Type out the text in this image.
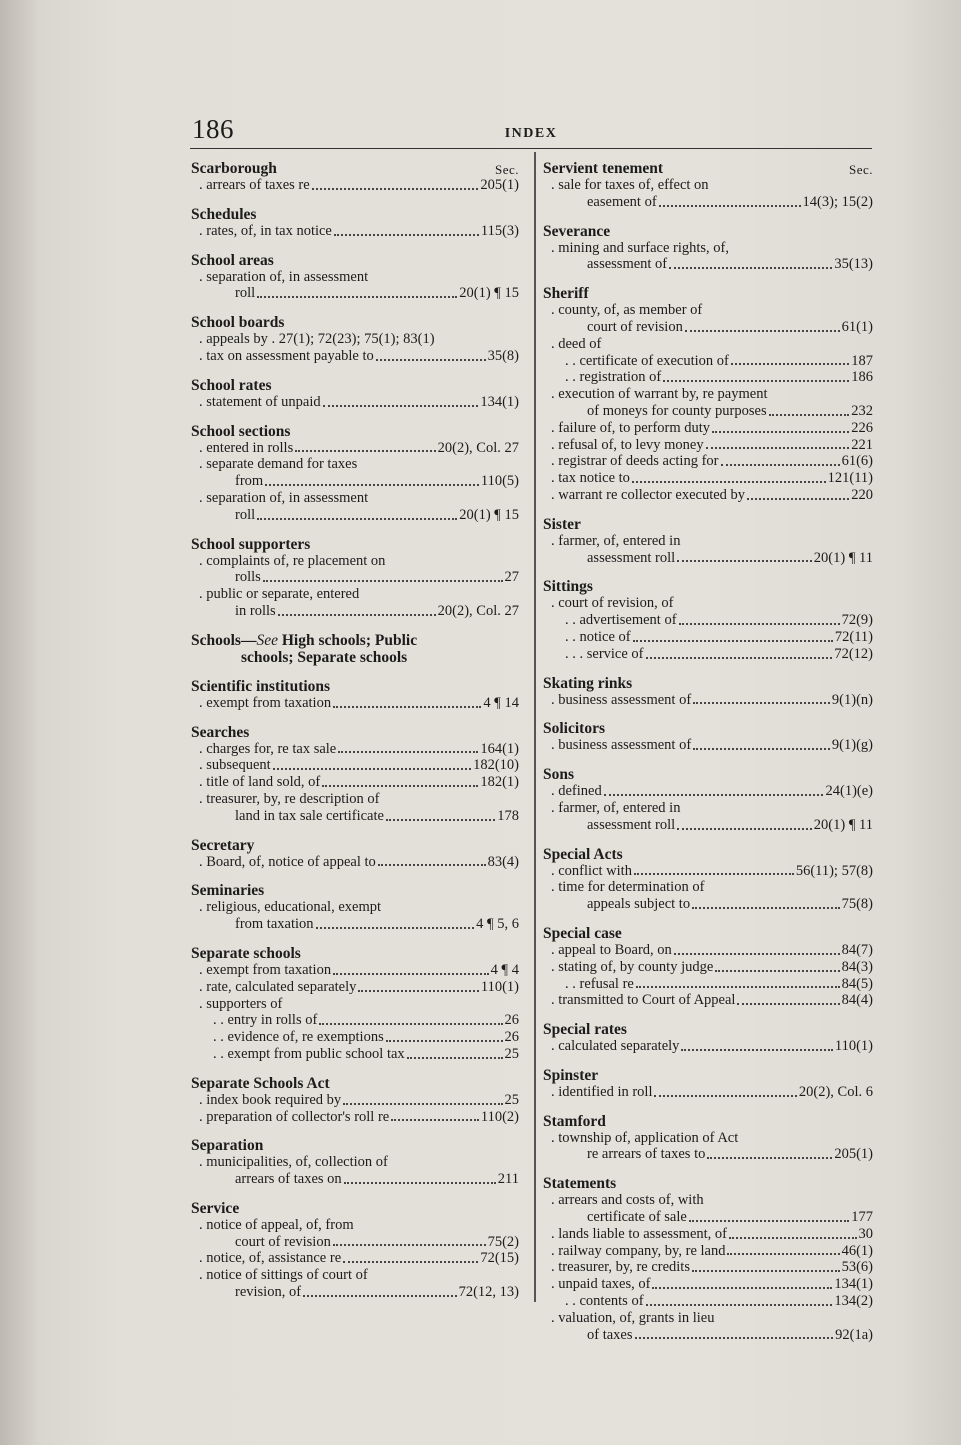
186	INDEX
Scarborough	Sec.
. arrears of taxes re	205(1)
Schedules
. rates, of, in tax notice	115(3)
School areas
. separation of, in assessment
roll	20(1) ¶ 15
School boards
. appeals by . 27(1); 72(23); 75(1); 83(1)
. tax on assessment payable to	35(8)
School rates
. statement of unpaid	134(1)
School sections
. entered in rolls	20(2), Col. 27
. separate demand for taxes
from	110(5)
. separation of, in assessment
roll	20(1) ¶ 15
School supporters
. complaints of, re placement on
rolls	27
. public or separate, entered
in rolls	20(2), Col. 27
Schools—See High schools; Public
schools; Separate schools
Scientific institutions
. exempt from taxation	4 ¶ 14
Searches
. charges for, re tax sale	164(1)
. subsequent	182(10)
. title of land sold, of	182(1)
. treasurer, by, re description of
land in tax sale certificate	178
Secretary
. Board, of, notice of appeal to	83(4)
Seminaries
. religious, educational, exempt
from taxation	4 ¶ 5, 6
Separate schools
. exempt from taxation	4 ¶ 4
. rate, calculated separately	110(1)
. supporters of
. . entry in rolls of	26
. . evidence of, re exemptions	26
. . exempt from public school tax	25
Separate Schools Act
. index book required by	25
. preparation of collector's roll re	110(2)
Separation
. municipalities, of, collection of
arrears of taxes on	211
Service
. notice of appeal, of, from
court of revision	75(2)
. notice, of, assistance re	72(15)
. notice of sittings of court of
revision, of	72(12, 13)
Servient tenement	Sec.
. sale for taxes of, effect on
easement of	14(3); 15(2)
Severance
. mining and surface rights, of,
assessment of	35(13)
Sheriff
. county, of, as member of
court of revision	61(1)
. deed of
. . certificate of execution of	187
. . registration of	186
. execution of warrant by, re payment
of moneys for county purposes	232
. failure of, to perform duty	226
. refusal of, to levy money	221
. registrar of deeds acting for	61(6)
. tax notice to	121(11)
. warrant re collector executed by	220
Sister
. farmer, of, entered in
assessment roll	20(1) ¶ 11
Sittings
. court of revision, of
. . advertisement of	72(9)
. . notice of	72(11)
. . . service of	72(12)
Skating rinks
. business assessment of	9(1)(n)
Solicitors
. business assessment of	9(1)(g)
Sons
. defined	24(1)(e)
. farmer, of, entered in
assessment roll	20(1) ¶ 11
Special Acts
. conflict with	56(11); 57(8)
. time for determination of
appeals subject to	75(8)
Special case
. appeal to Board, on	84(7)
. stating of, by county judge	84(3)
. . refusal re	84(5)
. transmitted to Court of Appeal	84(4)
Special rates
. calculated separately	110(1)
Spinster
. identified in roll	20(2), Col. 6
Stamford
. township of, application of Act
re arrears of taxes to	205(1)
Statements
. arrears and costs of, with
certificate of sale	177
. lands liable to assessment, of	30
. railway company, by, re land	46(1)
. treasurer, by, re credits	53(6)
. unpaid taxes, of	134(1)
. . contents of	134(2)
. valuation, of, grants in lieu
of taxes	92(1a)
